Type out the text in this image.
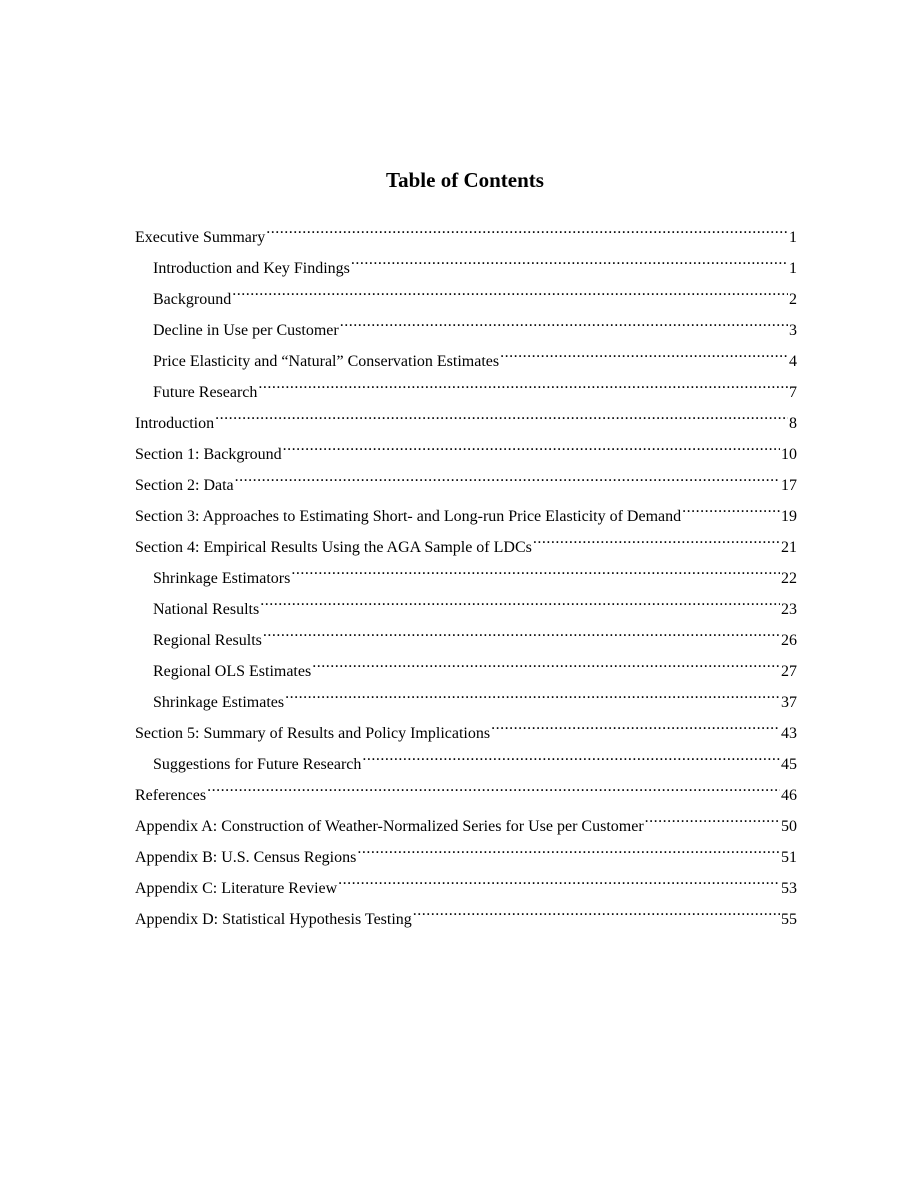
Table of Contents
Executive Summary .....	1
Introduction and Key Findings .....	1
Background .....	2
Decline in Use per Customer .....	3
Price Elasticity and “Natural” Conservation Estimates .....	4
Future Research .....	7
Introduction .....	8
Section 1: Background .....	10
Section 2: Data .....	17
Section 3: Approaches to Estimating Short- and Long-run Price Elasticity of Demand .....	19
Section 4: Empirical Results Using the AGA Sample of LDCs .....	21
Shrinkage Estimators .....	22
National Results .....	23
Regional Results .....	26
Regional OLS Estimates .....	27
Shrinkage Estimates .....	37
Section 5: Summary of Results and Policy Implications .....	43
Suggestions for Future Research .....	45
References .....	46
Appendix A: Construction of Weather-Normalized Series for Use per Customer .....	50
Appendix B: U.S. Census Regions .....	51
Appendix C: Literature Review .....	53
Appendix D: Statistical Hypothesis Testing .....	55
